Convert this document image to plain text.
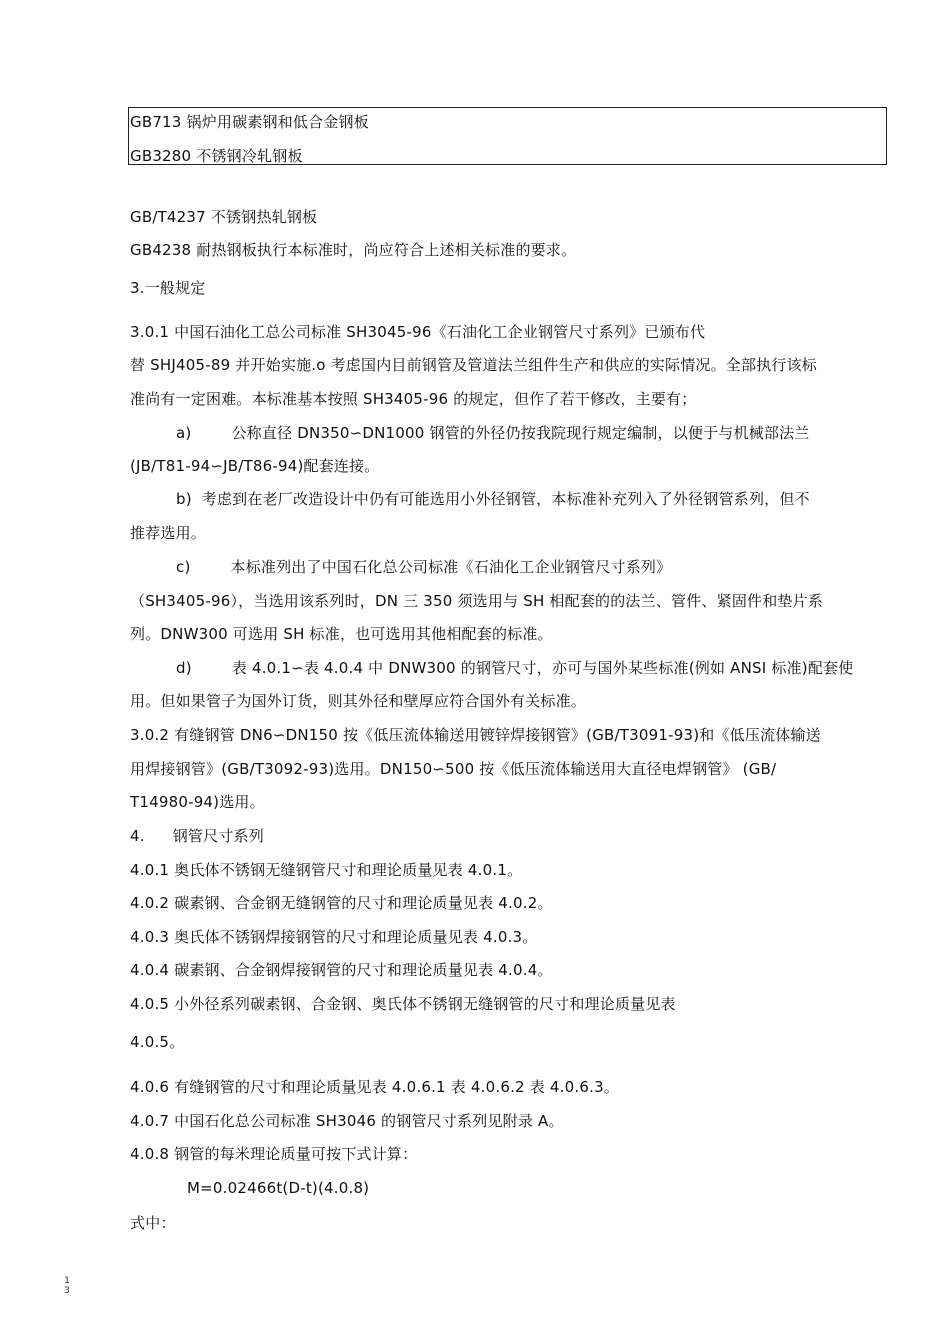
GB713 锅炉用碳素钢和低合金钢板
GB3280 不锈钢冷轧钢板
GB/T4237 不锈钢热轧钢板
GB4238 耐热钢板执行本标准时，尚应符合上述相关标准的要求。
3.一般规定
3.0.1 中国石油化工总公司标准 SH3045-96《石油化工企业钢管尺寸系列》已颁布代
替 SHJ405-89 并开始实施.o 考虑国内目前钢管及管道法兰组件生产和供应的实际情况。全部执行该标
准尚有一定困难。本标准基本按照 SH3405-96 的规定，但作了若干修改，主要有；
a)	公称直径 DN350∽DN1000 钢管的外径仍按我院现行规定编制，以便于与机械部法兰
(JB/T81-94∽JB/T86-94)配套连接。
b) 考虑到在老厂改造设计中仍有可能选用小外径钢管，本标准补充列入了外径钢管系列，但不
推荐选用。
c)	本标准列出了中国石化总公司标准《石油化工企业钢管尺寸系列》
（SH3405-96），当选用该系列时，DN 三 350 须选用与 SH 相配套的的法兰、管件、紧固件和垫片系
列。DNW300 可选用 SH 标准，也可选用其他相配套的标准。
d)	表 4.0.1∽表 4.0.4 中 DNW300 的钢管尺寸，亦可与国外某些标准(例如 ANSI 标准)配套使
用。但如果管子为国外订货，则其外径和壁厚应符合国外有关标准。
3.0.2 有缝钢管 DN6∽DN150 按《低压流体输送用镀锌焊接钢管》(GB/T3091-93)和《低压流体输送
用焊接钢管》(GB/T3092-93)选用。DN150∽500 按《低压流体输送用大直径电焊钢管》 (GB/
T14980-94)选用。
4. 钢管尺寸系列
4.0.1 奥氏体不锈钢无缝钢管尺寸和理论质量见表 4.0.1。
4.0.2 碳素钢、合金钢无缝钢管的尺寸和理论质量见表 4.0.2。
4.0.3 奥氏体不锈钢焊接钢管的尺寸和理论质量见表 4.0.3。
4.0.4 碳素钢、合金钢焊接钢管的尺寸和理论质量见表 4.0.4。
4.0.5 小外径系列碳素钢、合金钢、奥氏体不锈钢无缝钢管的尺寸和理论质量见表
4.0.5。
4.0.6 有缝钢管的尺寸和理论质量见表 4.0.6.1 表 4.0.6.2 表 4.0.6.3。
4.0.7 中国石化总公司标准 SH3046 的钢管尺寸系列见附录 A。
4.0.8 钢管的每米理论质量可按下式计算：
M=0.02466t(D-t)(4.0.8)
式中：
1
3
